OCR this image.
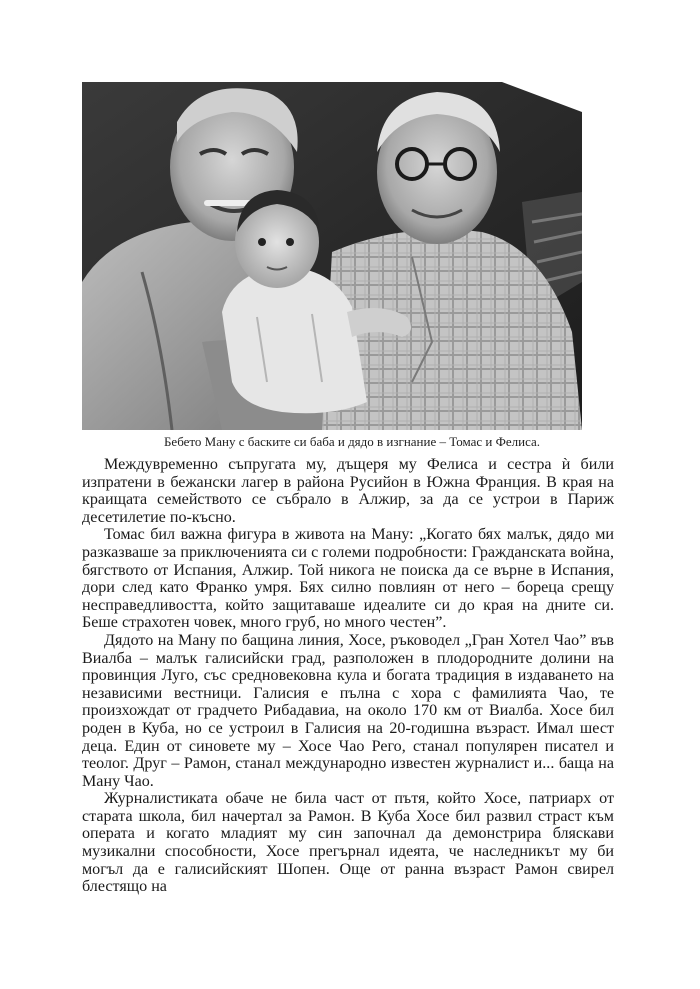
Бебето Ману с баските си баба и дядо в изгнание – Томас и Фелиса.

Междувременно съпругата му, дъщеря му Фелиса и сестра ѝ били изпратени в бежански лагер в района Русийон в Южна Франция. В края на краищата семейството се събрало в Алжир, за да се устрои в Париж десетилетие по-късно.

Томас бил важна фигура в живота на Ману: „Когато бях малък, дядо ми разказваше за приключенията си с големи подробности: Гражданската война, бягството от Испания, Алжир. Той никога не поиска да се върне в Испания, дори след като Франко умря. Бях силно повлиян от него – бореца срещу несправедливостта, който защитаваше идеалите си до края на дните си. Беше страхотен човек, много груб, но много честен”.

Дядото на Ману по бащина линия, Хосе, ръководел „Гран Хотел Чао” във Виалба – малък галисийски град, разположен в плодородните долини на провинция Луго, със средновековна кула и богата традиция в издаването на независими вестници. Галисия е пълна с хора с фамилията Чао, те произхождат от градчето Рибадавиа, на около 170 км от Виалба. Хосе бил роден в Куба, но се устроил в Галисия на 20-годишна възраст. Имал шест деца. Един от синовете му – Хосе Чао Рего, станал популярен писател и теолог. Друг – Рамон, станал международно известен журналист и... баща на Ману Чао.

Журналистиката обаче не била част от пътя, който Хосе, патриарх от старата школа, бил начертал за Рамон. В Куба Хосе бил развил страст към операта и когато младият му син започнал да демонстрира бляскави музикални способности, Хосе прегърнал идеята, че наследникът му би могъл да е галисийският Шопен. Още от ранна възраст Рамон свирел блестящо на
